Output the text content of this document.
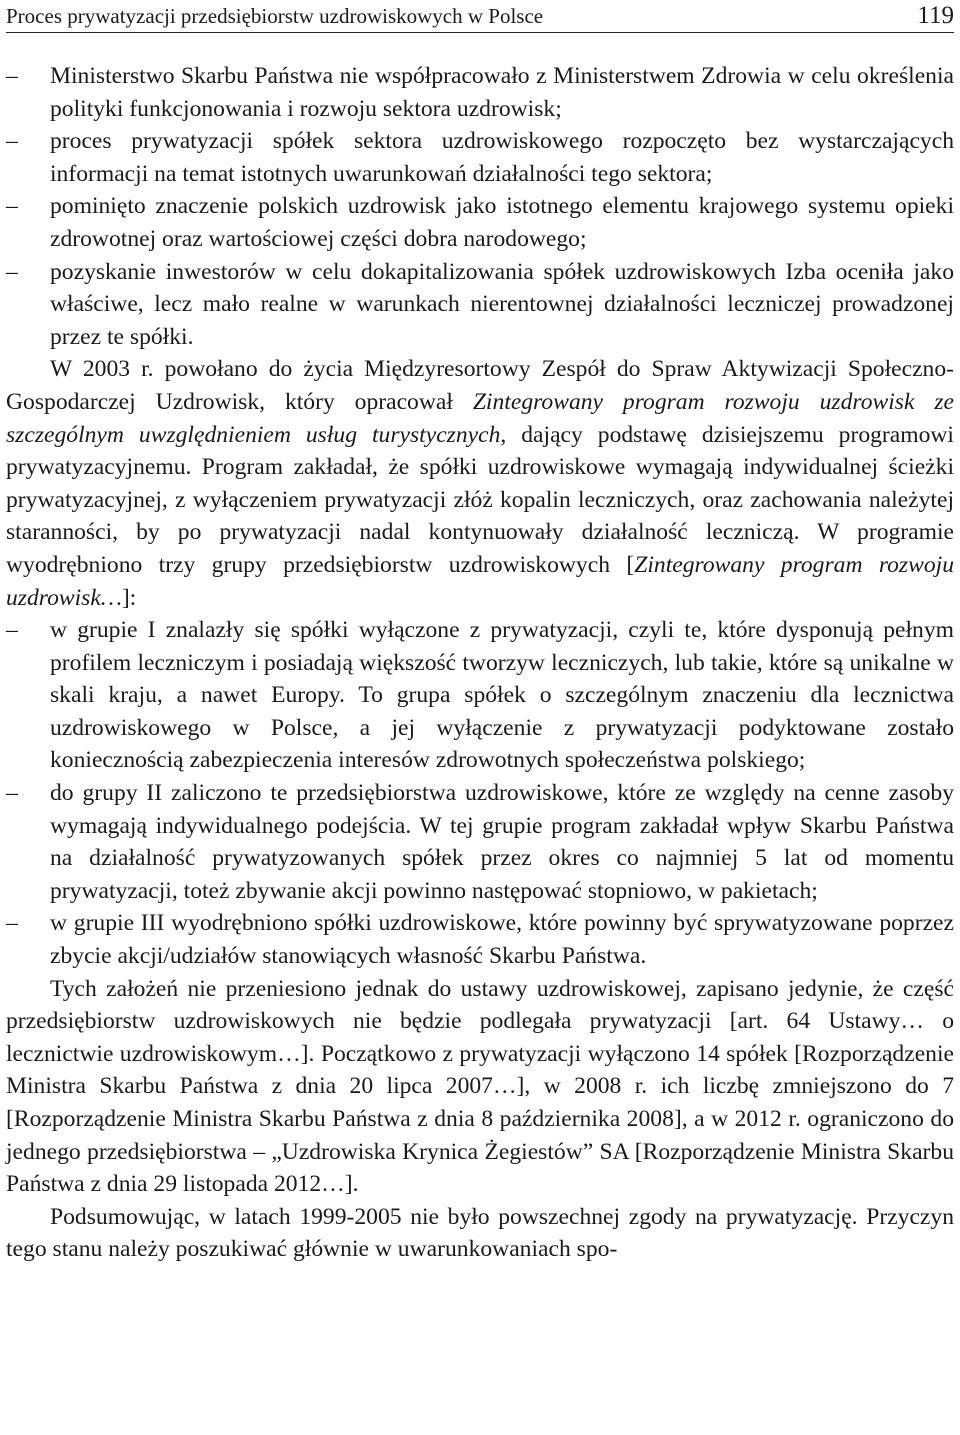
Proces prywatyzacji przedsiębiorstw uzdrowiskowych w Polsce	119
– Ministerstwo Skarbu Państwa nie współpracowało z Ministerstwem Zdrowia w celu określenia polityki funkcjonowania i rozwoju sektora uzdrowisk;
– proces prywatyzacji spółek sektora uzdrowiskowego rozpoczęto bez wystarczających informacji na temat istotnych uwarunkowań działalności tego sektora;
– pominięto znaczenie polskich uzdrowisk jako istotnego elementu krajowego systemu opieki zdrowotnej oraz wartościowej części dobra narodowego;
– pozyskanie inwestorów w celu dokapitalizowania spółek uzdrowiskowych Izba oceniła jako właściwe, lecz mało realne w warunkach nierentownej działalności leczniczej prowadzonej przez te spółki.

W 2003 r. powołano do życia Międzyresortowy Zespół do Spraw Aktywizacji Społeczno-Gospodarczej Uzdrowisk, który opracował Zintegrowany program rozwoju uzdrowisk ze szczególnym uwzględnieniem usług turystycznych, dający podstawę dzisiejszemu programowi prywatyzacyjnemu. Program zakładał, że spółki uzdrowiskowe wymagają indywidualnej ścieżki prywatyzacyjnej, z wyłączeniem prywatyzacji złóż kopalin leczniczych, oraz zachowania należytej staranności, by po prywatyzacji nadal kontynuowały działalność leczniczą. W programie wyodrębniono trzy grupy przedsiębiorstw uzdrowiskowych [Zintegrowany program rozwoju uzdrowisk…]:

– w grupie I znalazły się spółki wyłączone z prywatyzacji, czyli te, które dysponują pełnym profilem leczniczym i posiadają większość tworzyw leczniczych, lub takie, które są unikalne w skali kraju, a nawet Europy. To grupa spółek o szczególnym znaczeniu dla lecznictwa uzdrowiskowego w Polsce, a jej wyłączenie z prywatyzacji podyktowane zostało koniecznością zabezpieczenia interesów zdrowotnych społeczeństwa polskiego;
– do grupy II zaliczono te przedsiębiorstwa uzdrowiskowe, które ze względy na cenne zasoby wymagają indywidualnego podejścia. W tej grupie program zakładał wpływ Skarbu Państwa na działalność prywatyzowanych spółek przez okres co najmniej 5 lat od momentu prywatyzacji, toteż zbywanie akcji powinno następować stopniowo, w pakietach;
– w grupie III wyodrębniono spółki uzdrowiskowe, które powinny być sprywatyzowane poprzez zbycie akcji/udziałów stanowiących własność Skarbu Państwa.

Tych założeń nie przeniesiono jednak do ustawy uzdrowiskowej, zapisano jedynie, że część przedsiębiorstw uzdrowiskowych nie będzie podlegała prywatyzacji [art. 64 Ustawy… o lecznictwie uzdrowiskowym…]. Początkowo z prywatyzacji wyłączono 14 spółek [Rozporządzenie Ministra Skarbu Państwa z dnia 20 lipca 2007…], w 2008 r. ich liczbę zmniejszono do 7 [Rozporządzenie Ministra Skarbu Państwa z dnia 8 października 2008], a w 2012 r. ograniczono do jednego przedsiębiorstwa – „Uzdrowiska Krynica Żegiestów” SA [Rozporządzenie Ministra Skarbu Państwa z dnia 29 listopada 2012…].

Podsumowując, w latach 1999-2005 nie było powszechnej zgody na prywatyzację. Przyczyn tego stanu należy poszukiwać głównie w uwarunkowaniach spo-
